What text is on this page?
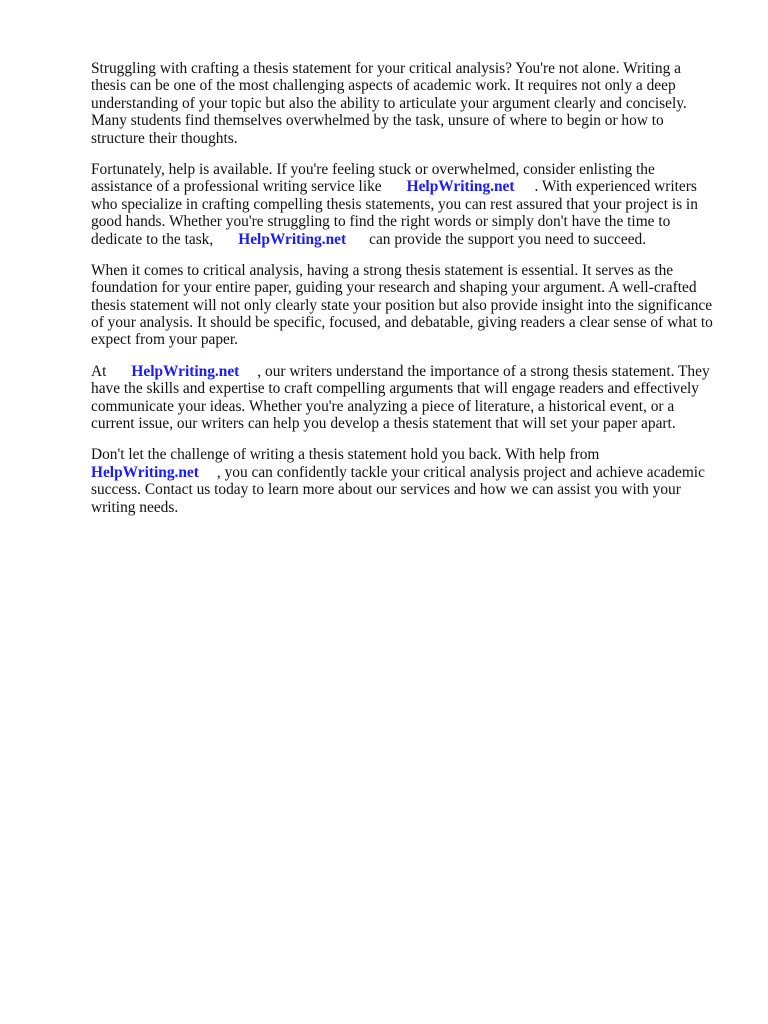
Struggling with crafting a thesis statement for your critical analysis? You're not alone. Writing a
thesis can be one of the most challenging aspects of academic work. It requires not only a deep
understanding of your topic but also the ability to articulate your argument clearly and concisely.
Many students find themselves overwhelmed by the task, unsure of where to begin or how to
structure their thoughts.

Fortunately, help is available. If you're feeling stuck or overwhelmed, consider enlisting the
assistance of a professional writing service like HelpWriting.net . With experienced writers
who specialize in crafting compelling thesis statements, you can rest assured that your project is in
good hands. Whether you're struggling to find the right words or simply don't have the time to
dedicate to the task, HelpWriting.net can provide the support you need to succeed.

When it comes to critical analysis, having a strong thesis statement is essential. It serves as the
foundation for your entire paper, guiding your research and shaping your argument. A well-crafted
thesis statement will not only clearly state your position but also provide insight into the significance
of your analysis. It should be specific, focused, and debatable, giving readers a clear sense of what to
expect from your paper.

At HelpWriting.net , our writers understand the importance of a strong thesis statement. They
have the skills and expertise to craft compelling arguments that will engage readers and effectively
communicate your ideas. Whether you're analyzing a piece of literature, a historical event, or a
current issue, our writers can help you develop a thesis statement that will set your paper apart.

Don't let the challenge of writing a thesis statement hold you back. With help from
HelpWriting.net , you can confidently tackle your critical analysis project and achieve academic
success. Contact us today to learn more about our services and how we can assist you with your
writing needs.
